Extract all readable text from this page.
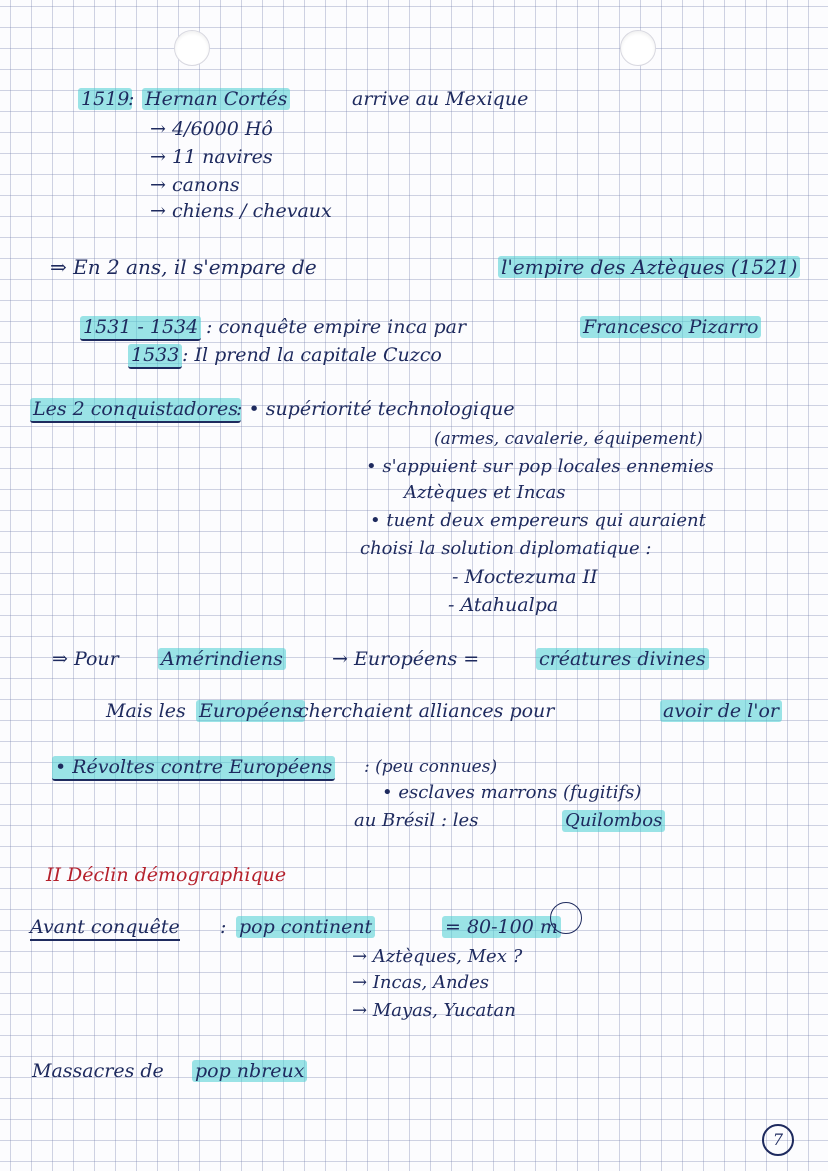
1519
: Hernan Cortés	arrive au Mexique
→ 4/6000 Hô
→ 11 navires
→ canons
→ chiens / chevaux
⇒ En 2 ans, il s'empare de	l'empire des Aztèques (1521)
1531 - 1534 : conquête empire inca par	Francesco Pizarro
1533 : Il prend la capitale Cuzco
Les 2 conquistadores
: • supériorité technologique
(armes, cavalerie, équipement)
• s'appuient sur pop locales ennemies
Aztèques et Incas
• tuent deux empereurs qui auraient
choisi la solution diplomatique :
- Moctezuma II
- Atahualpa
⇒ Pour Amérindiens	→ Européens =	créatures divines
Mais les Européens
cherchaient alliances pour	avoir de l'or
• Révoltes contre Européens : (peu connues)
• esclaves marrons (fugitifs)
au Brésil : les	Quilombos
II Déclin démographique
Avant conquête : pop continent	= 80-100 m
→ Aztèques, Mex ?
→ Incas, Andes
→ Mayas, Yucatan
Massacres de pop nbreux
7
